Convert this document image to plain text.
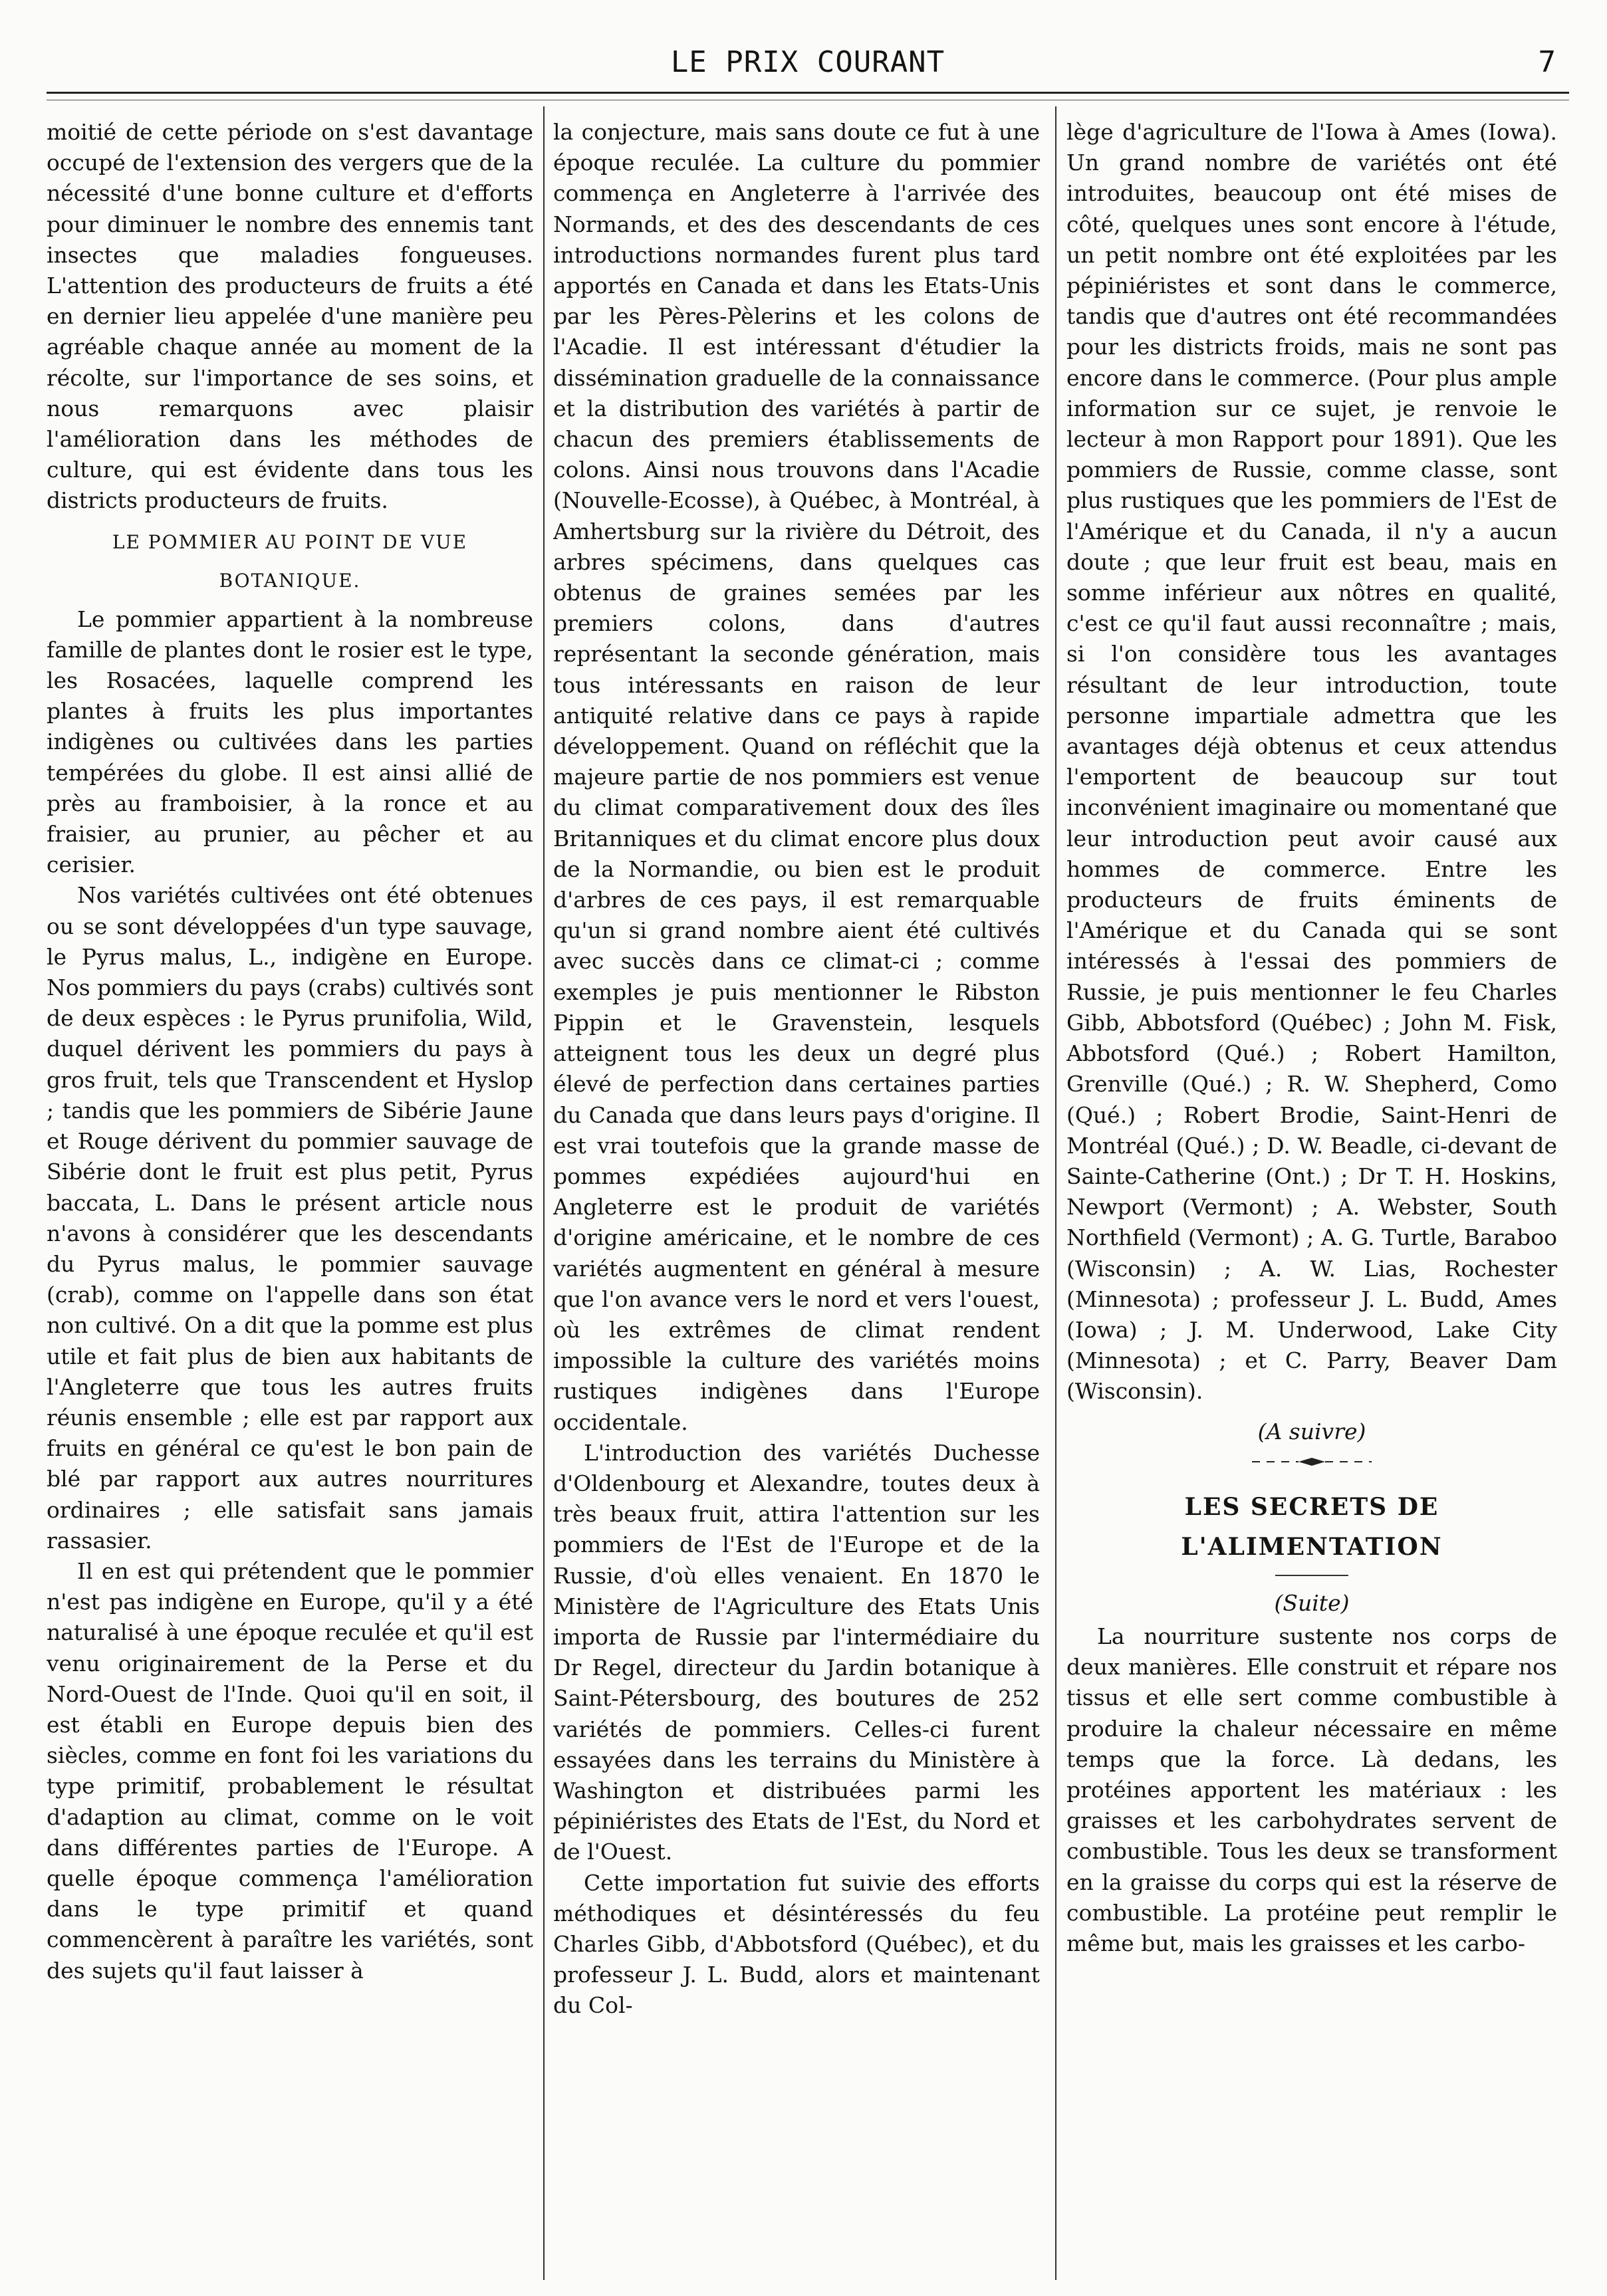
LE PRIX COURANT	7

moitié de cette période on s'est davantage occupé de l'extension des vergers que de la nécessité d'une bonne culture et d'efforts pour diminuer le nombre des ennemis tant insectes que maladies fongueuses. L'attention des producteurs de fruits a été en dernier lieu appelée d'une manière peu agréable chaque année au moment de la récolte, sur l'importance de ses soins, et nous remarquons avec plaisir l'amélioration dans les méthodes de culture, qui est évidente dans tous les districts producteurs de fruits.

LE POMMIER AU POINT DE VUE BOTANIQUE.

Le pommier appartient à la nombreuse famille de plantes dont le rosier est le type, les Rosacées, laquelle comprend les plantes à fruits les plus importantes indigènes ou cultivées dans les parties tempérées du globe. Il est ainsi allié de près au framboisier, à la ronce et au fraisier, au prunier, au pêcher et au cerisier.

Nos variétés cultivées ont été obtenues ou se sont développées d'un type sauvage, le Pyrus malus, L., indigène en Europe. Nos pommiers du pays (crabs) cultivés sont de deux espèces : le Pyrus prunifolia, Wild, duquel dérivent les pommiers du pays à gros fruit, tels que Transcendent et Hyslop ; tandis que les pommiers de Sibérie Jaune et Rouge dérivent du pommier sauvage de Sibérie dont le fruit est plus petit, Pyrus baccata, L. Dans le présent article nous n'avons à considérer que les descendants du Pyrus malus, le pommier sauvage (crab), comme on l'appelle dans son état non cultivé. On a dit que la pomme est plus utile et fait plus de bien aux habitants de l'Angleterre que tous les autres fruits réunis ensemble ; elle est par rapport aux fruits en général ce qu'est le bon pain de blé par rapport aux autres nourritures ordinaires ; elle satisfait sans jamais rassasier.

Il en est qui prétendent que le pommier n'est pas indigène en Europe, qu'il y a été naturalisé à une époque reculée et qu'il est venu originairement de la Perse et du Nord-Ouest de l'Inde. Quoi qu'il en soit, il est établi en Europe depuis bien des siècles, comme en font foi les variations du type primitif, probablement le résultat d'adaption au climat, comme on le voit dans différentes parties de l'Europe. A quelle époque commença l'amélioration dans le type primitif et quand commencèrent à paraître les variétés, sont des sujets qu'il faut laisser à

la conjecture, mais sans doute ce fut à une époque reculée. La culture du pommier commença en Angleterre à l'arrivée des Normands, et des des descendants de ces introductions normandes furent plus tard apportés en Canada et dans les Etats-Unis par les Pères-Pèlerins et les colons de l'Acadie. Il est intéressant d'étudier la dissémination graduelle de la connaissance et la distribution des variétés à partir de chacun des premiers établissements de colons. Ainsi nous trouvons dans l'Acadie (Nouvelle-Ecosse), à Québec, à Montréal, à Amhertsburg sur la rivière du Détroit, des arbres spécimens, dans quelques cas obtenus de graines semées par les premiers colons, dans d'autres représentant la seconde génération, mais tous intéressants en raison de leur antiquité relative dans ce pays à rapide développement. Quand on réfléchit que la majeure partie de nos pommiers est venue du climat comparativement doux des îles Britanniques et du climat encore plus doux de la Normandie, ou bien est le produit d'arbres de ces pays, il est remarquable qu'un si grand nombre aient été cultivés avec succès dans ce climat-ci ; comme exemples je puis mentionner le Ribston Pippin et le Gravenstein, lesquels atteignent tous les deux un degré plus élevé de perfection dans certaines parties du Canada que dans leurs pays d'origine. Il est vrai toutefois que la grande masse de pommes expédiées aujourd'hui en Angleterre est le produit de variétés d'origine américaine, et le nombre de ces variétés augmentent en général à mesure que l'on avance vers le nord et vers l'ouest, où les extrêmes de climat rendent impossible la culture des variétés moins rustiques indigènes dans l'Europe occidentale.

L'introduction des variétés Duchesse d'Oldenbourg et Alexandre, toutes deux à très beaux fruit, attira l'attention sur les pommiers de l'Est de l'Europe et de la Russie, d'où elles venaient. En 1870 le Ministère de l'Agriculture des Etats Unis importa de Russie par l'intermédiaire du Dr Regel, directeur du Jardin botanique à Saint-Pétersbourg, des boutures de 252 variétés de pommiers. Celles-ci furent essayées dans les terrains du Ministère à Washington et distribuées parmi les pépiniéristes des Etats de l'Est, du Nord et de l'Ouest.

Cette importation fut suivie des efforts méthodiques et désintéressés du feu Charles Gibb, d'Abbotsford (Québec), et du professeur J. L. Budd, alors et maintenant du Col-

lège d'agriculture de l'Iowa à Ames (Iowa). Un grand nombre de variétés ont été introduites, beaucoup ont été mises de côté, quelques unes sont encore à l'étude, un petit nombre ont été exploitées par les pépiniéristes et sont dans le commerce, tandis que d'autres ont été recommandées pour les districts froids, mais ne sont pas encore dans le commerce. (Pour plus ample information sur ce sujet, je renvoie le lecteur à mon Rapport pour 1891). Que les pommiers de Russie, comme classe, sont plus rustiques que les pommiers de l'Est de l'Amérique et du Canada, il n'y a aucun doute ; que leur fruit est beau, mais en somme inférieur aux nôtres en qualité, c'est ce qu'il faut aussi reconnaître ; mais, si l'on considère tous les avantages résultant de leur introduction, toute personne impartiale admettra que les avantages déjà obtenus et ceux attendus l'emportent de beaucoup sur tout inconvénient imaginaire ou momentané que leur introduction peut avoir causé aux hommes de commerce. Entre les producteurs de fruits éminents de l'Amérique et du Canada qui se sont intéressés à l'essai des pommiers de Russie, je puis mentionner le feu Charles Gibb, Abbotsford (Québec) ; John M. Fisk, Abbotsford (Qué.) ; Robert Hamilton, Grenville (Qué.) ; R. W. Shepherd, Como (Qué.) ; Robert Brodie, Saint-Henri de Montréal (Qué.) ; D. W. Beadle, ci-devant de Sainte-Catherine (Ont.) ; Dr T. H. Hoskins, Newport (Vermont) ; A. Webster, South Northfield (Vermont) ; A. G. Turtle, Baraboo (Wisconsin) ; A. W. Lias, Rochester (Minnesota) ; professeur J. L. Budd, Ames (Iowa) ; J. M. Underwood, Lake City (Minnesota) ; et C. Parry, Beaver Dam (Wisconsin).

(A suivre)
LES SECRETS DE L'ALIMENTATION
(Suite)

La nourriture sustente nos corps de deux manières. Elle construit et répare nos tissus et elle sert comme combustible à produire la chaleur nécessaire en même temps que la force. Là dedans, les protéines apportent les matériaux : les graisses et les carbohydrates servent de combustible. Tous les deux se transforment en la graisse du corps qui est la réserve de combustible. La protéine peut remplir le même but, mais les graisses et les carbo-
